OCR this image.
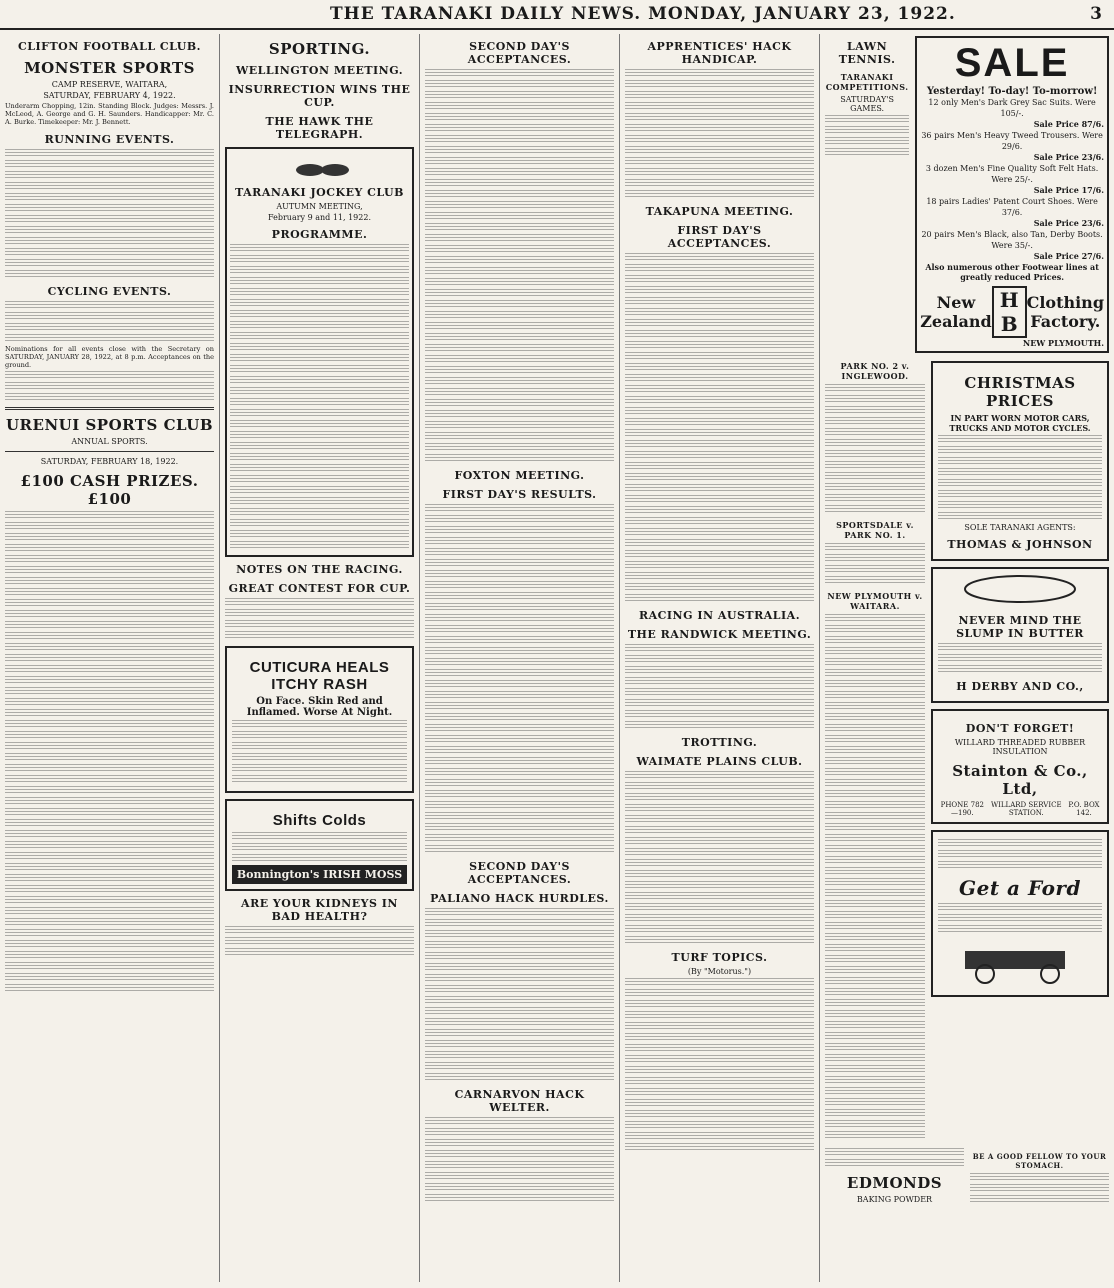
THE TARANAKI DAILY NEWS. MONDAY, JANUARY 23, 1922.	3
CLIFTON FOOTBALL CLUB.
MONSTER SPORTS
CAMP RESERVE, WAITARA,
SATURDAY, FEBRUARY 4, 1922.

Underarm Chopping, 12in. Standing Block. Judges: Messrs. J. McLeod, A. George and G. H. Saunders. Handicapper: Mr. C. A. Burke. Timekeeper: Mr. J. Bennett.

RUNNING EVENTS.
CYCLING EVENTS.

Nominations for all events close with the Secretary on SATURDAY, JANUARY 28, 1922, at 8 p.m. Acceptances on the ground.

URENUI SPORTS CLUB
ANNUAL SPORTS.
SATURDAY, FEBRUARY 18, 1922.
£100 CASH PRIZES. £100
SPORTING.
WELLINGTON MEETING.
INSURRECTION WINS THE CUP.
THE HAWK THE TELEGRAPH.
TARANAKI JOCKEY CLUB
AUTUMN MEETING,
February 9 and 11, 1922.
PROGRAMME.
NOTES ON THE RACING.
GREAT CONTEST FOR CUP.
CUTICURA HEALS ITCHY RASH
On Face. Skin Red and Inflamed. Worse At Night.
Shifts Colds
Bonnington's IRISH MOSS
ARE YOUR KIDNEYS IN BAD HEALTH?
SECOND DAY'S ACCEPTANCES.
FOXTON MEETING.
FIRST DAY'S RESULTS.
SECOND DAY'S ACCEPTANCES.
PALIANO HACK HURDLES.
CARNARVON HACK WELTER.
APPRENTICES' HACK HANDICAP.
TAKAPUNA MEETING.
FIRST DAY'S ACCEPTANCES.
RACING IN AUSTRALIA.
THE RANDWICK MEETING.
TROTTING.
WAIMATE PLAINS CLUB.
TURF TOPICS.
(By "Motorus.")
LAWN TENNIS.
TARANAKI COMPETITIONS.
SATURDAY'S GAMES.
SALE
Yesterday! To-day! To-morrow!
12 only Men's Dark Grey Sac Suits. Were 105/-.
Sale Price 87/6.
36 pairs Men's Heavy Tweed Trousers. Were 29/6.
Sale Price 23/6.
3 dozen Men's Fine Quality Soft Felt Hats. Were 25/-.
Sale Price 17/6.
18 pairs Ladies' Patent Court Shoes. Were 37/6.
Sale Price 23/6.
20 pairs Men's Black, also Tan, Derby Boots. Were 35/-.
Sale Price 27/6.
Also numerous other Footwear lines at greatly reduced Prices.
New Zealand
H B
Clothing Factory.
NEW PLYMOUTH.
PARK NO. 2 v. INGLEWOOD.
SPORTSDALE v. PARK NO. 1.
NEW PLYMOUTH v. WAITARA.
CHRISTMAS PRICES
IN PART WORN MOTOR CARS, TRUCKS AND MOTOR CYCLES.
SOLE TARANAKI AGENTS:
THOMAS & JOHNSON
NEVER MIND THE SLUMP IN BUTTER
H DERBY AND CO.,
DON'T FORGET!
WILLARD THREADED RUBBER INSULATION
Stainton & Co., Ltd,
PHONE 782—190.
WILLARD SERVICE STATION.
P.O. BOX 142.
Get a Ford
EDMONDS
BAKING POWDER
BE A GOOD FELLOW TO YOUR STOMACH.
